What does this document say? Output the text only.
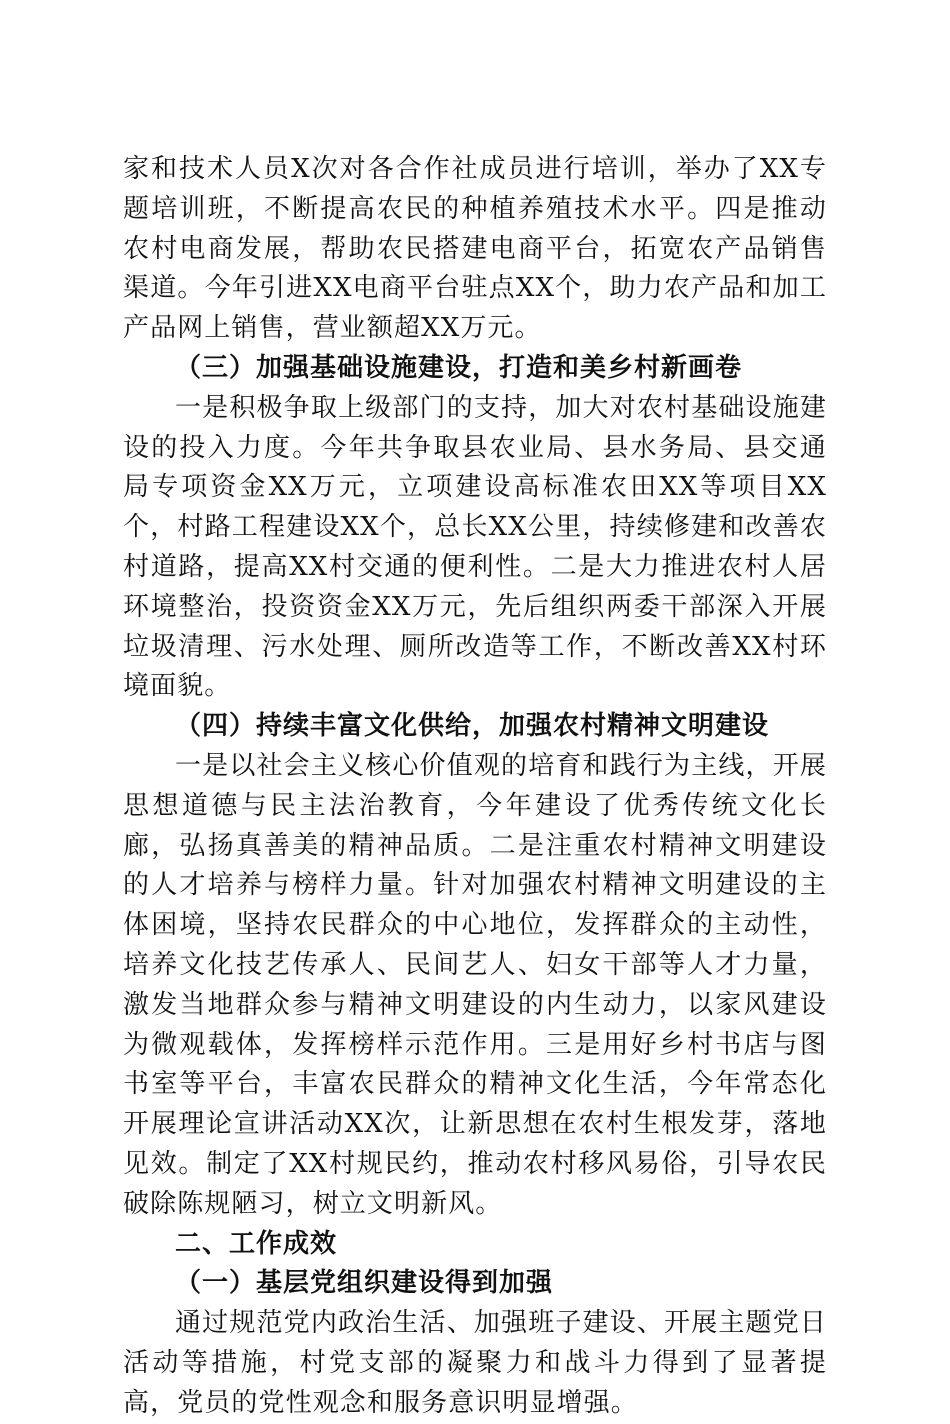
家和技术人员X次对各合作社成员进行培训，举办了XX专题培训班，不断提高农民的种植养殖技术水平。四是推动农村电商发展，帮助农民搭建电商平台，拓宽农产品销售渠道。今年引进XX电商平台驻点XX个，助力农产品和加工产品网上销售，营业额超XX万元。

（三）加强基础设施建设，打造和美乡村新画卷

一是积极争取上级部门的支持，加大对农村基础设施建设的投入力度。今年共争取县农业局、县水务局、县交通局专项资金XX万元，立项建设高标准农田XX等项目XX个，村路工程建设XX个，总长XX公里，持续修建和改善农村道路，提高XX村交通的便利性。二是大力推进农村人居环境整治，投资资金XX万元，先后组织两委干部深入开展垃圾清理、污水处理、厕所改造等工作，不断改善XX村环境面貌。

（四）持续丰富文化供给，加强农村精神文明建设

一是以社会主义核心价值观的培育和践行为主线，开展思想道德与民主法治教育，今年建设了优秀传统文化长廊，弘扬真善美的精神品质。二是注重农村精神文明建设的人才培养与榜样力量。针对加强农村精神文明建设的主体困境，坚持农民群众的中心地位，发挥群众的主动性，培养文化技艺传承人、民间艺人、妇女干部等人才力量，激发当地群众参与精神文明建设的内生动力，以家风建设为微观载体，发挥榜样示范作用。三是用好乡村书店与图书室等平台，丰富农民群众的精神文化生活，今年常态化开展理论宣讲活动XX次，让新思想在农村生根发芽，落地见效。制定了XX村规民约，推动农村移风易俗，引导农民破除陈规陋习，树立文明新风。

二、工作成效

（一）基层党组织建设得到加强

通过规范党内政治生活、加强班子建设、开展主题党日活动等措施，村党支部的凝聚力和战斗力得到了显著提高，党员的党性观念和服务意识明显增强。
